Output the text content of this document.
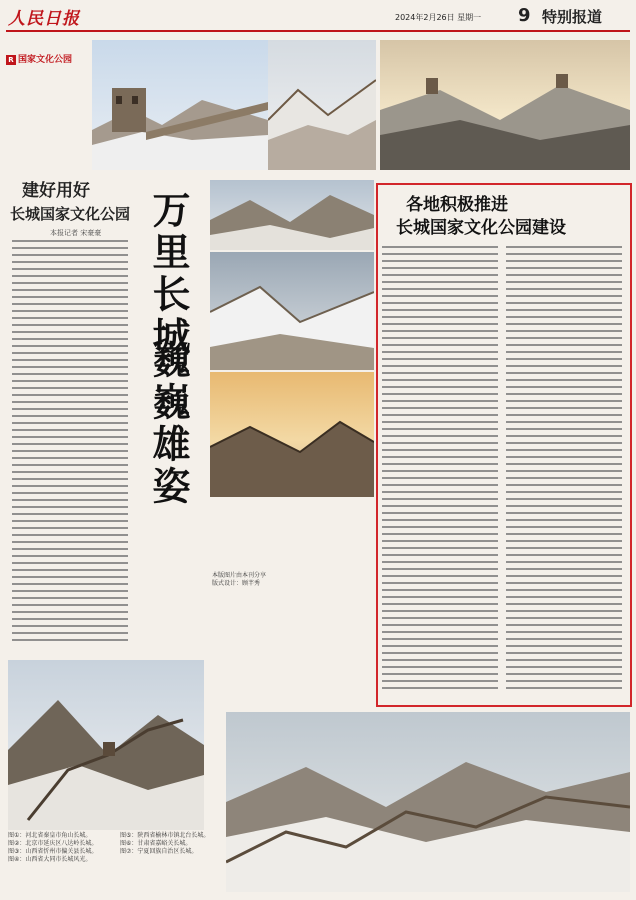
人民日报	2024年2月26日 星期一 9 特别报道
R 国家文化公园
建好用好
长城国家文化公园
本报记者 宋豪豪 万里长城
巍巍雄姿
本版图片由本刊分享
版式设计：顾芊秀
各地积极推进
长城国家文化公园建设
图①：河北省秦皇市角山长城。
图②：北京市延庆区八达岭长城。
图③：山西省忻州市偏关县长城。
图④：山西省大同市长城风光。
图⑤：陕西省榆林市镇北台长城。
图⑥：甘肃省嘉峪关长城。
图⑦：宁夏回族自治区长城。
